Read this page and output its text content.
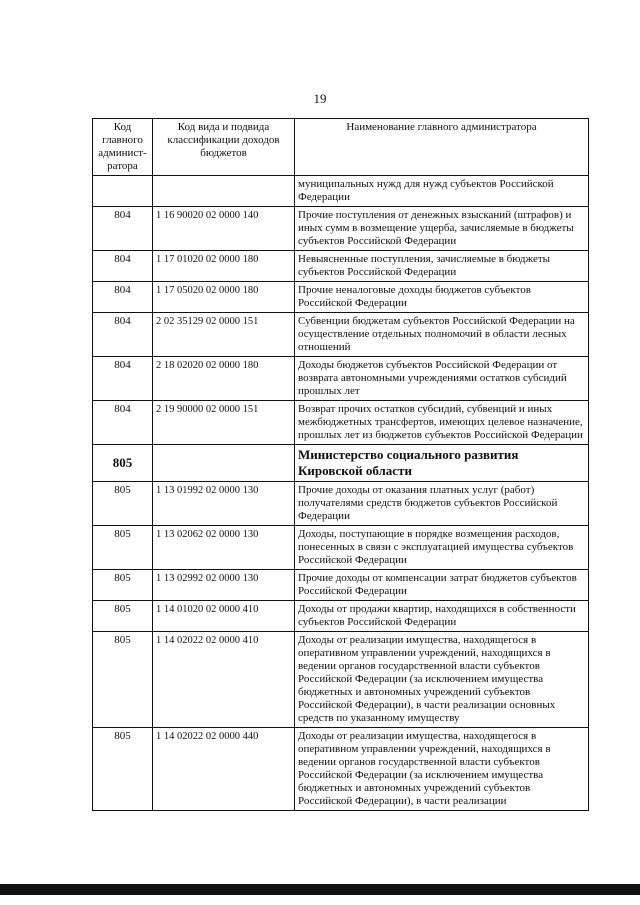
19
Код главного админист-ратора	Код вида и подвида классификации доходов бюджетов	Наименование главного администратора
		муниципальных нужд для нужд субъектов Российской Федерации
804	1 16 90020 02 0000 140	Прочие поступления от денежных взысканий (штрафов) и иных сумм в возмещение ущерба, зачисляемые в бюджеты субъектов Российской Федерации
804	1 17 01020 02 0000 180	Невыясненные поступления, зачисляемые в бюджеты субъектов Российской Федерации
804	1 17 05020 02 0000 180	Прочие неналоговые доходы бюджетов субъектов Российской Федерации
804	2 02 35129 02 0000 151	Субвенции бюджетам субъектов Российской Федерации на осуществление отдельных полномочий в области лесных отношений
804	2 18 02020 02 0000 180	Доходы бюджетов субъектов Российской Федерации от возврата автономными учреждениями остатков субсидий прошлых лет
804	2 19 90000 02 0000 151	Возврат прочих остатков субсидий, субвенций и иных межбюджетных трансфертов, имеющих целевое назначение, прошлых лет из бюджетов субъектов Российской Федерации
805		Министерство социального развития Кировской области
805	1 13 01992 02 0000 130	Прочие доходы от оказания платных услуг (работ) получателями средств бюджетов субъектов Российской Федерации
805	1 13 02062 02 0000 130	Доходы, поступающие в порядке возмещения расходов, понесенных в связи с эксплуатацией имущества субъектов Российской Федерации
805	1 13 02992 02 0000 130	Прочие доходы от компенсации затрат бюджетов субъектов Российской Федерации
805	1 14 01020 02 0000 410	Доходы от продажи квартир, находящихся в собственности субъектов Российской Федерации
805	1 14 02022 02 0000 410	Доходы от реализации имущества, находящегося в оперативном управлении учреждений, находящихся в ведении органов государственной власти субъектов Российской Федерации (за исключением имущества бюджетных и автономных учреждений субъектов Российской Федерации), в части реализации основных средств по указанному имуществу
805	1 14 02022 02 0000 440	Доходы от реализации имущества, находящегося в оперативном управлении учреждений, находящихся в ведении органов государственной власти субъектов Российской Федерации (за исключением имущества бюджетных и автономных учреждений субъектов Российской Федерации), в части реализации
